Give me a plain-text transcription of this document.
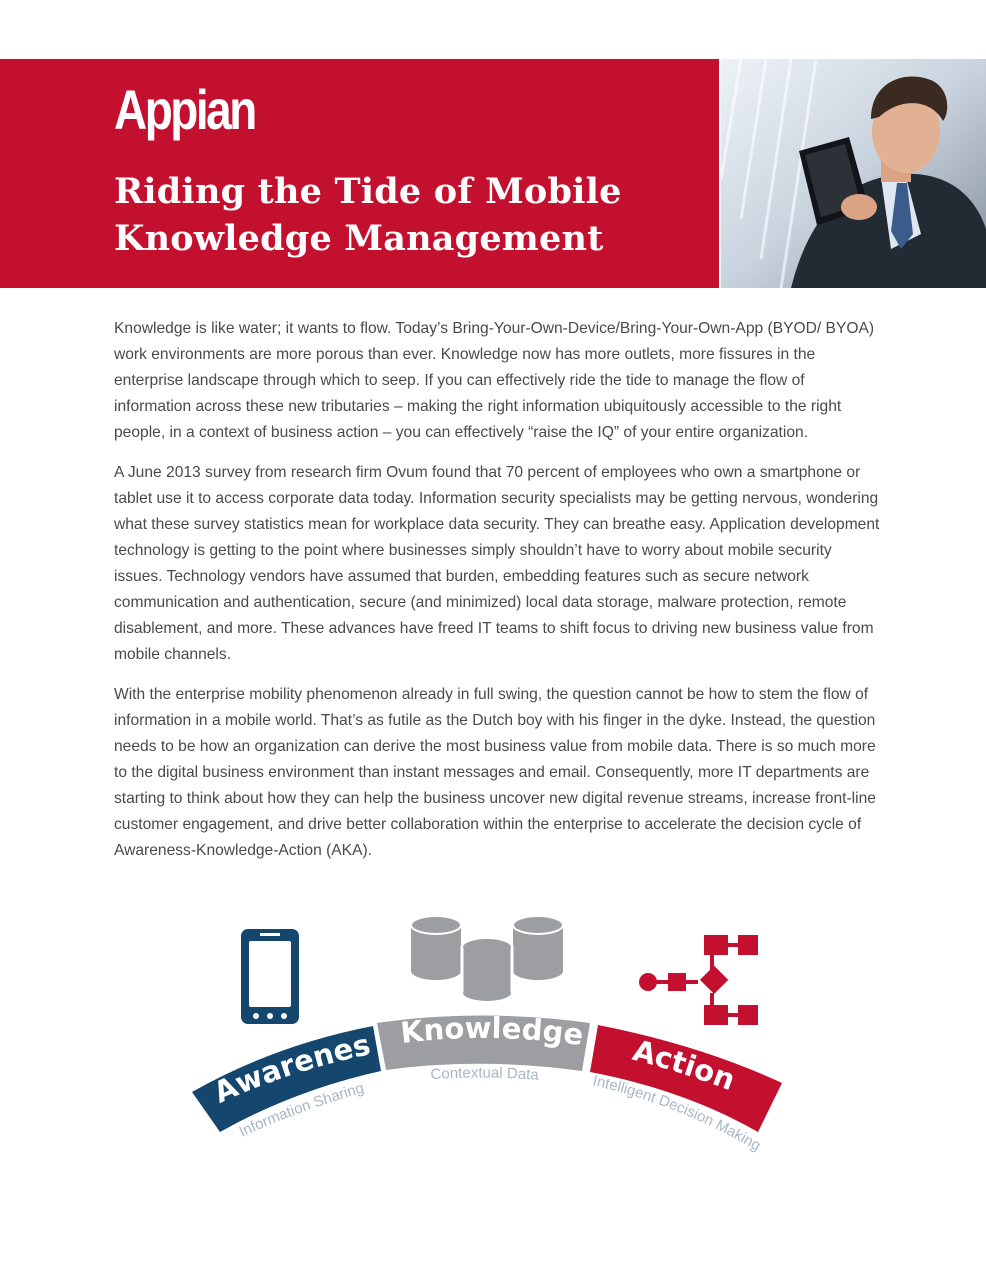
Appian
Riding the Tide of Mobile
Knowledge Management

Knowledge is like water; it wants to flow. Today’s Bring-Your-Own-Device/Bring-Your-Own-App (BYOD/ BYOA) work environments are more porous than ever. Knowledge now has more outlets, more fissures in the enterprise landscape through which to seep. If you can effectively ride the tide to manage the flow of information across these new tributaries – making the right information ubiquitously accessible to the right people, in a context of business action – you can effectively “raise the IQ” of your entire organization.

A June 2013 survey from research firm Ovum found that 70 percent of employees who own a smartphone or tablet use it to access corporate data today. Information security specialists may be getting nervous, wondering what these survey statistics mean for workplace data security. They can breathe easy. Application development technology is getting to the point where businesses simply shouldn’t have to worry about mobile security issues. Technology vendors have assumed that burden, embedding features such as secure network communication and authentication, secure (and minimized) local data storage, malware protection, remote disablement, and more. These advances have freed IT teams to shift focus to driving new business value from mobile channels.

With the enterprise mobility phenomenon already in full swing, the question cannot be how to stem the flow of information in a mobile world. That’s as futile as the Dutch boy with his finger in the dyke. Instead, the question needs to be how an organization can derive the most business value from mobile data. There is so much more to the digital business environment than instant messages and email. Consequently, more IT departments are starting to think about how they can help the business uncover new digital revenue streams, increase front-line customer engagement, and drive better collaboration within the enterprise to accelerate the decision cycle of Awareness-Knowledge-Action (AKA).

Awarenes Knowledge Action
Information Sharing
Contextual Data	Intelligent Decision Making
